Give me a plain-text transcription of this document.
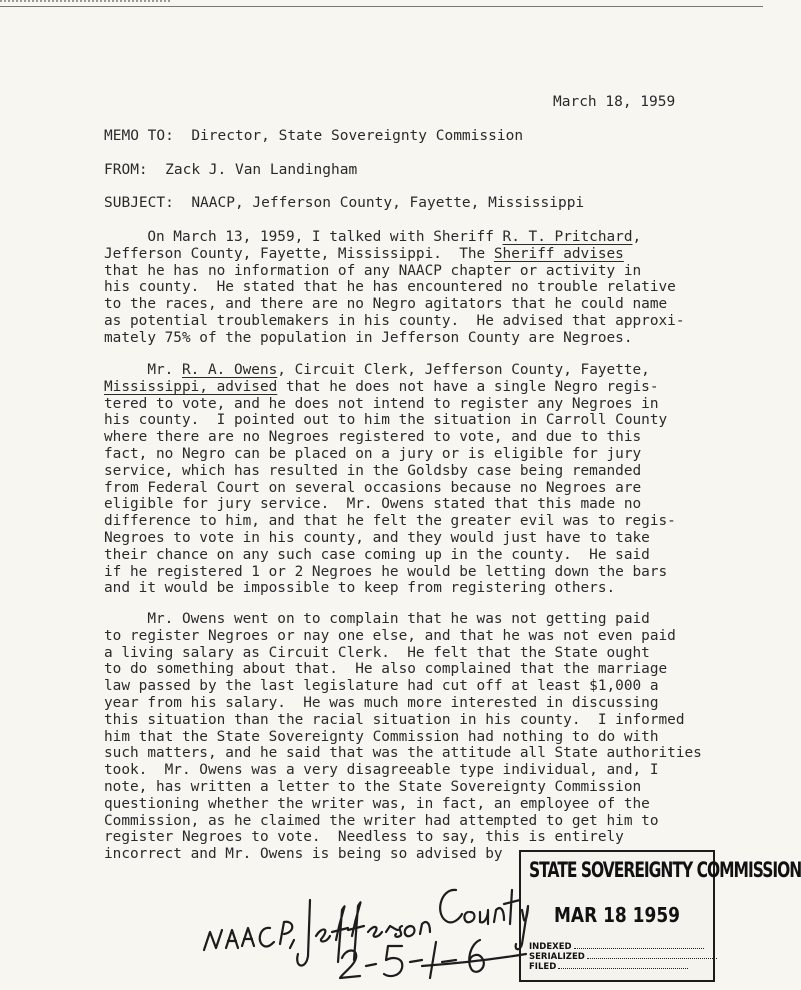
March 18, 1959
MEMO TO: Director, State Sovereignty Commission
FROM: Zack J. Van Landingham
SUBJECT: NAACP, Jefferson County, Fayette, Mississippi
On March 13, 1959, I talked with Sheriff R. T. Pritchard,
Jefferson County, Fayette, Mississippi.  The Sheriff advises
that he has no information of any NAACP chapter or activity in
his county.  He stated that he has encountered no trouble relative
to the races, and there are no Negro agitators that he could name
as potential troublemakers in his county.  He advised that approxi-
mately 75% of the population in Jefferson County are Negroes.
Mr. R. A. Owens, Circuit Clerk, Jefferson County, Fayette,
Mississippi, advised that he does not have a single Negro regis-
tered to vote, and he does not intend to register any Negroes in
his county.  I pointed out to him the situation in Carroll County
where there are no Negroes registered to vote, and due to this
fact, no Negro can be placed on a jury or is eligible for jury
service, which has resulted in the Goldsby case being remanded
from Federal Court on several occasions because no Negroes are
eligible for jury service.  Mr. Owens stated that this made no
difference to him, and that he felt the greater evil was to regis-
Negroes to vote in his county, and they would just have to take
their chance on any such case coming up in the county.  He said
if he registered 1 or 2 Negroes he would be letting down the bars
and it would be impossible to keep from registering others.
Mr. Owens went on to complain that he was not getting paid
to register Negroes or nay one else, and that he was not even paid
a living salary as Circuit Clerk.  He felt that the State ought
to do something about that.  He also complained that the marriage
law passed by the last legislature had cut off at least $1,000 a
year from his salary.  He was much more interested in discussing
this situation than the racial situation in his county.  I informed
him that the State Sovereignty Commission had nothing to do with
such matters, and he said that was the attitude all State authorities
took.  Mr. Owens was a very disagreeable type individual, and, I
note, has written a letter to the State Sovereignty Commission
questioning whether the writer was, in fact, an employee of the
Commission, as he claimed the writer had attempted to get him to
register Negroes to vote.  Needless to say, this is entirely
incorrect and Mr. Owens is being so advised by
STATE SOVEREIGNTY COMMISSION
MAR 18 1959
INDEXED
SERIALIZED
FILED
